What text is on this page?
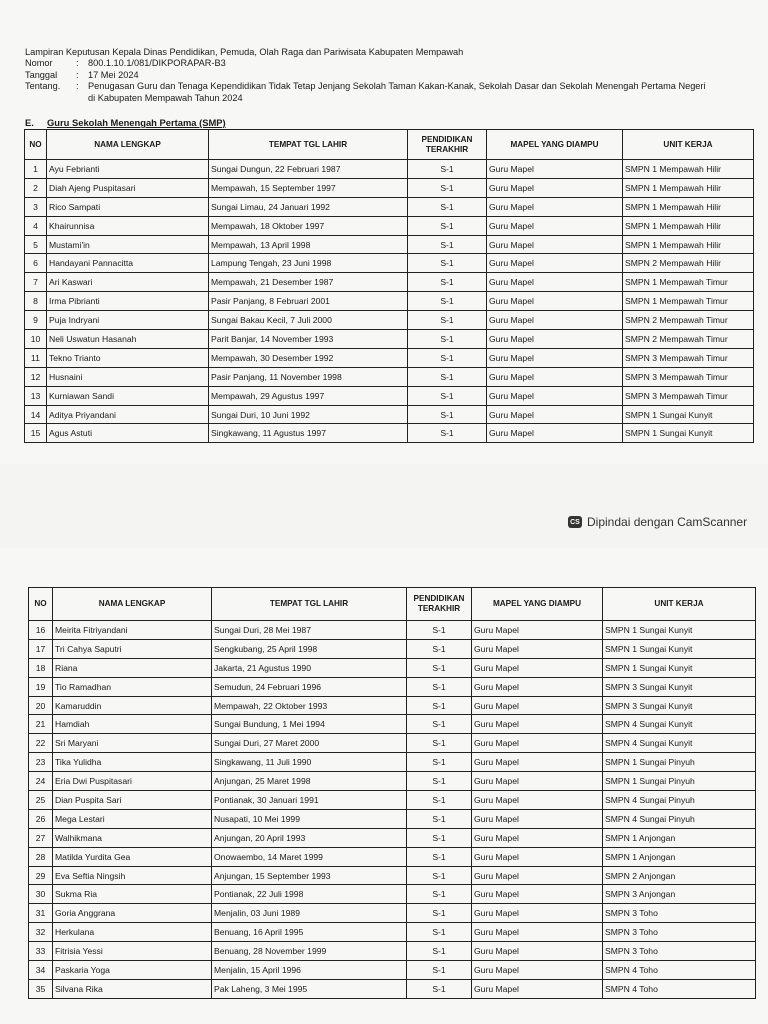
Lampiran Keputusan Kepala Dinas Pendidikan, Pemuda, Olah Raga dan Pariwisata Kabupaten Mempawah
Nomor	:	800.1.10.1/081/DIKPORAPAR-B3
Tanggal	:	17 Mei 2024
Tentang.	:	Penugasan Guru dan Tenaga Kependidikan Tidak Tetap Jenjang Sekolah Taman Kakan-Kanak, Sekolah Dasar dan Sekolah Menengah Pertama Negeri
di Kabupaten Mempawah Tahun 2024
E. Guru Sekolah Menengah Pertama (SMP)
NO	NAMA LENGKAP	TEMPAT TGL LAHIR	PENDIDIKAN
TERAKHIR	MAPEL YANG DIAMPU	UNIT KERJA
1	Ayu Febrianti	Sungai Dungun, 22 Februari 1987	S-1	Guru Mapel	SMPN 1 Mempawah Hilir
2	Diah Ajeng Puspitasari	Mempawah, 15 September 1997	S-1	Guru Mapel	SMPN 1 Mempawah Hilir
3	Rico Sampati	Sungai Limau, 24 Januari 1992	S-1	Guru Mapel	SMPN 1 Mempawah Hilir
4	Khairunnisa	Mempawah, 18 Oktober 1997	S-1	Guru Mapel	SMPN 1 Mempawah Hilir
5	Mustami'in	Mempawah, 13 April 1998	S-1	Guru Mapel	SMPN 1 Mempawah Hilir
6	Handayani Pannacitta	Lampung Tengah, 23 Juni 1998	S-1	Guru Mapel	SMPN 2 Mempawah Hilir
7	Ari Kaswari	Mempawah, 21 Desember 1987	S-1	Guru Mapel	SMPN 1 Mempawah Timur
8	Irma Pibrianti	Pasir Panjang, 8 Februari 2001	S-1	Guru Mapel	SMPN 1 Mempawah Timur
9	Puja Indryani	Sungai Bakau Kecil, 7 Juli 2000	S-1	Guru Mapel	SMPN 2 Mempawah Timur
10	Neli Uswatun Hasanah	Parit Banjar, 14 November 1993	S-1	Guru Mapel	SMPN 2 Mempawah Timur
11	Tekno Trianto	Mempawah, 30 Desember 1992	S-1	Guru Mapel	SMPN 3 Mempawah Timur
12	Husnaini	Pasir Panjang, 11 November 1998	S-1	Guru Mapel	SMPN 3 Mempawah Timur
13	Kurniawan Sandi	Mempawah, 29 Agustus 1997	S-1	Guru Mapel	SMPN 3 Mempawah Timur
14	Aditya Priyandani	Sungai Duri, 10 Juni 1992	S-1	Guru Mapel	SMPN 1 Sungai Kunyit
15	Agus Astuti	Singkawang, 11 Agustus 1997	S-1	Guru Mapel	SMPN 1 Sungai Kunyit
CS Dipindai dengan CamScanner
NO	NAMA LENGKAP	TEMPAT TGL LAHIR	PENDIDIKAN
TERAKHIR	MAPEL YANG DIAMPU	UNIT KERJA
16	Meirita Fitriyandani	Sungai Duri, 28 Mei 1987	S-1	Guru Mapel	SMPN 1 Sungai Kunyit
17	Tri Cahya Saputri	Sengkubang, 25 April 1998	S-1	Guru Mapel	SMPN 1 Sungai Kunyit
18	Riana	Jakarta, 21 Agustus 1990	S-1	Guru Mapel	SMPN 1 Sungai Kunyit
19	Tio Ramadhan	Semudun, 24 Februari 1996	S-1	Guru Mapel	SMPN 3 Sungai Kunyit
20	Kamaruddin	Mempawah, 22 Oktober 1993	S-1	Guru Mapel	SMPN 3 Sungai Kunyit
21	Hamdiah	Sungai Bundung, 1 Mei 1994	S-1	Guru Mapel	SMPN 4 Sungai Kunyit
22	Sri Maryani	Sungai Duri, 27 Maret 2000	S-1	Guru Mapel	SMPN 4 Sungai Kunyit
23	Tika Yulidha	Singkawang, 11 Juli 1990	S-1	Guru Mapel	SMPN 1 Sungai Pinyuh
24	Eria Dwi Puspitasari	Anjungan, 25 Maret 1998	S-1	Guru Mapel	SMPN 1 Sungai Pinyuh
25	Dian Puspita Sari	Pontianak, 30 Januari 1991	S-1	Guru Mapel	SMPN 4 Sungai Pinyuh
26	Mega Lestari	Nusapati, 10 Mei 1999	S-1	Guru Mapel	SMPN 4 Sungai Pinyuh
27	Walhikmana	Anjungan, 20 April 1993	S-1	Guru Mapel	SMPN 1 Anjongan
28	Matilda Yurdita Gea	Onowaembo, 14 Maret 1999	S-1	Guru Mapel	SMPN 1 Anjongan
29	Eva Seftia Ningsih	Anjungan, 15 September 1993	S-1	Guru Mapel	SMPN 2 Anjongan
30	Sukma Ria	Pontianak, 22 Juli 1998	S-1	Guru Mapel	SMPN 3 Anjongan
31	Goria Anggrana	Menjalin, 03 Juni 1989	S-1	Guru Mapel	SMPN 3 Toho
32	Herkulana	Benuang, 16 April 1995	S-1	Guru Mapel	SMPN 3 Toho
33	Fitrisia Yessi	Benuang, 28 November 1999	S-1	Guru Mapel	SMPN 3 Toho
34	Paskaria Yoga	Menjalin, 15 April 1996	S-1	Guru Mapel	SMPN 4 Toho
35	Silvana Rika	Pak Laheng, 3 Mei 1995	S-1	Guru Mapel	SMPN 4 Toho
